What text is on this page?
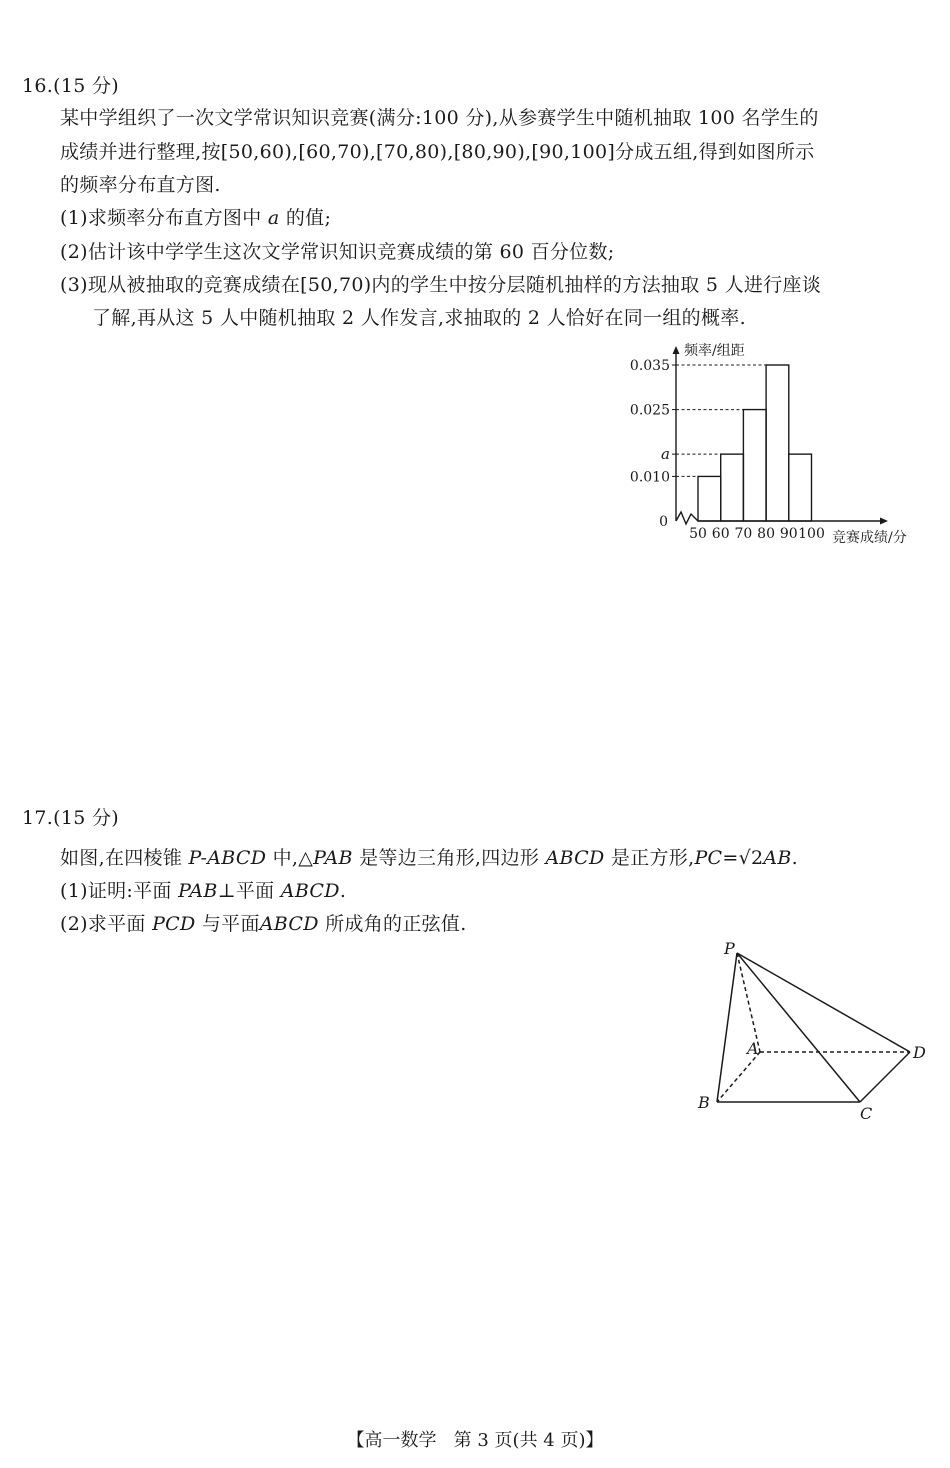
16.(15 分)
某中学组织了一次文学常识知识竞赛(满分:100 分),从参赛学生中随机抽取 100 名学生的
成绩并进行整理,按[50,60),[60,70),[70,80),[80,90),[90,100]分成五组,得到如图所示
的频率分布直方图.
(1)求频率分布直方图中 a 的值;
(2)估计该中学学生这次文学常识知识竞赛成绩的第 60 百分位数;
(3)现从被抽取的竞赛成绩在[50,70)内的学生中按分层随机抽样的方法抽取 5 人进行座谈
了解,再从这 5 人中随机抽取 2 人作发言,求抽取的 2 人恰好在同一组的概率.
0.035
0.025
a
0.010
0
50 60 70 80 90 100
频率/组距
竞赛成绩/分
17.(15 分)
如图,在四棱锥 P-ABCD 中,△PAB 是等边三角形,四边形 ABCD 是正方形,PC=√2AB.
(1)证明:平面 PAB⊥平面 ABCD.
(2)求平面 PCD 与平面ABCD 所成角的正弦值.
P
A
B
C
D
【高一数学 第 3 页(共 4 页)】
